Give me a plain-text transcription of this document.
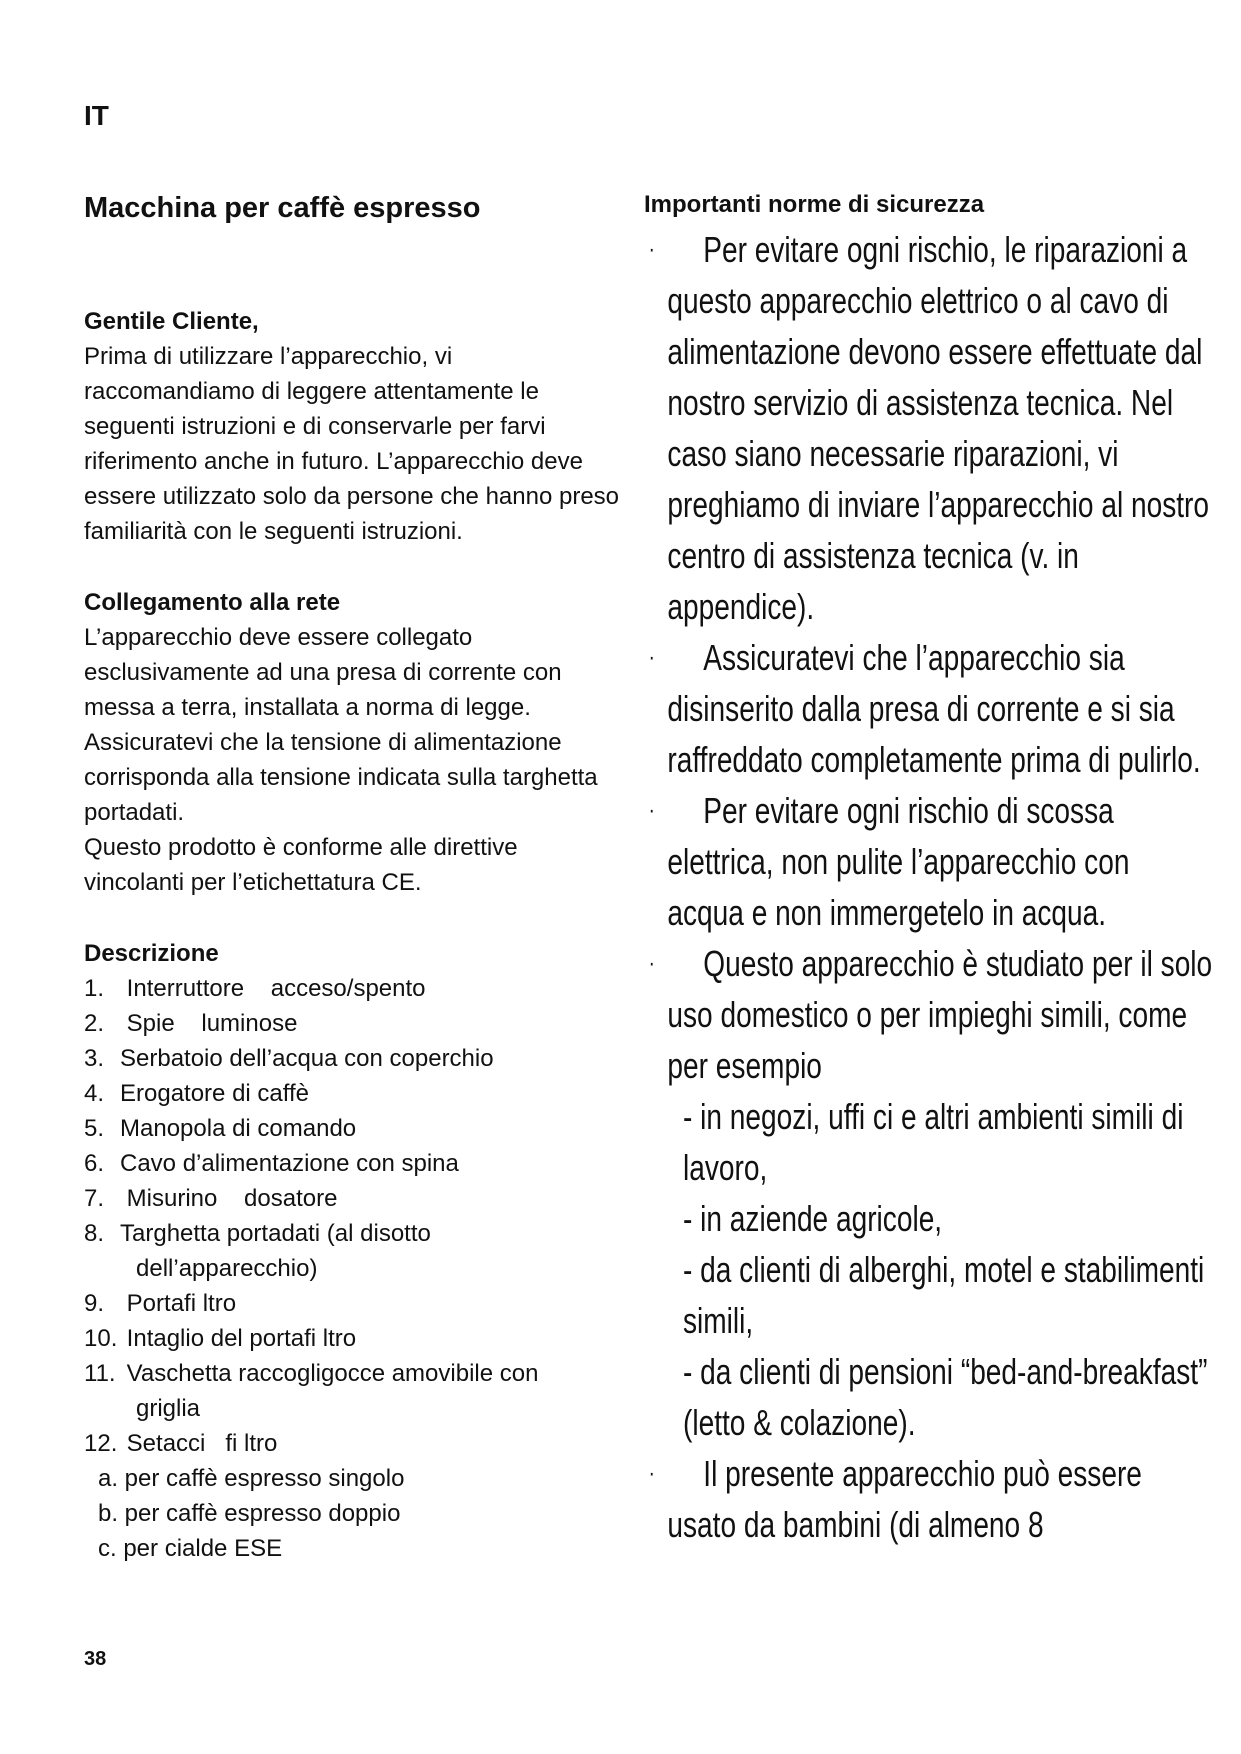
IT

Macchina per caffè espresso

Gentile Cliente,

Prima di utilizzare l’apparecchio, vi raccomandiamo di leggere attentamente le seguenti istruzioni e di conservarle per farvi riferimento anche in futuro. L’apparecchio deve essere utilizzato solo da persone che hanno preso familiarità con le seguenti istruzioni.

Collegamento alla rete

L’apparecchio deve essere collegato esclusivamente ad una presa di corrente con messa a terra, installata a norma di legge. Assicuratevi che la tensione di alimentazione corrisponda alla tensione indicata sulla targhetta portadati.

Questo prodotto è conforme alle direttive vincolanti per l’etichettatura CE.

Descrizione

1. Interruttore    acceso/spento
2. Spie    luminose
3. Serbatoio dell’acqua con coperchio
4. Erogatore di caffè
5. Manopola di comando
6. Cavo d’alimentazione con spina
7. Misurino    dosatore
8. Targhetta portadati (al disotto
dell’apparecchio)
9. Portafi ltro
10. Intaglio del portafi ltro
11. Vaschetta raccogligocce amovibile con
griglia
12. Setacci   fi ltro
a. per caffè espresso singolo
b. per caffè espresso doppio
c. per cialde ESE

Importanti norme di sicurezza

· Per evitare ogni rischio, le riparazioni a questo apparecchio elettrico o al cavo di alimentazione devono essere effettuate dal nostro servizio di assistenza tecnica. Nel caso siano necessarie riparazioni, vi preghiamo di inviare l’apparecchio al nostro centro di assistenza tecnica (v. in appendice).
· Assicuratevi che l’apparecchio sia disinserito dalla presa di corrente e si sia raffreddato completamente prima di pulirlo.
· Per evitare ogni rischio di scossa elettrica, non pulite l’apparecchio con acqua e non immergetelo in acqua.
· Questo apparecchio è studiato per il solo uso domestico o per impieghi simili, come per esempio
- in negozi, uffi ci e altri ambienti simili di lavoro,
- in aziende agricole,
- da clienti di alberghi, motel e stabilimenti simili,
- da clienti di pensioni “bed-and-breakfast” (letto & colazione).
· Il presente apparecchio può essere usato da bambini (di almeno 8

38
